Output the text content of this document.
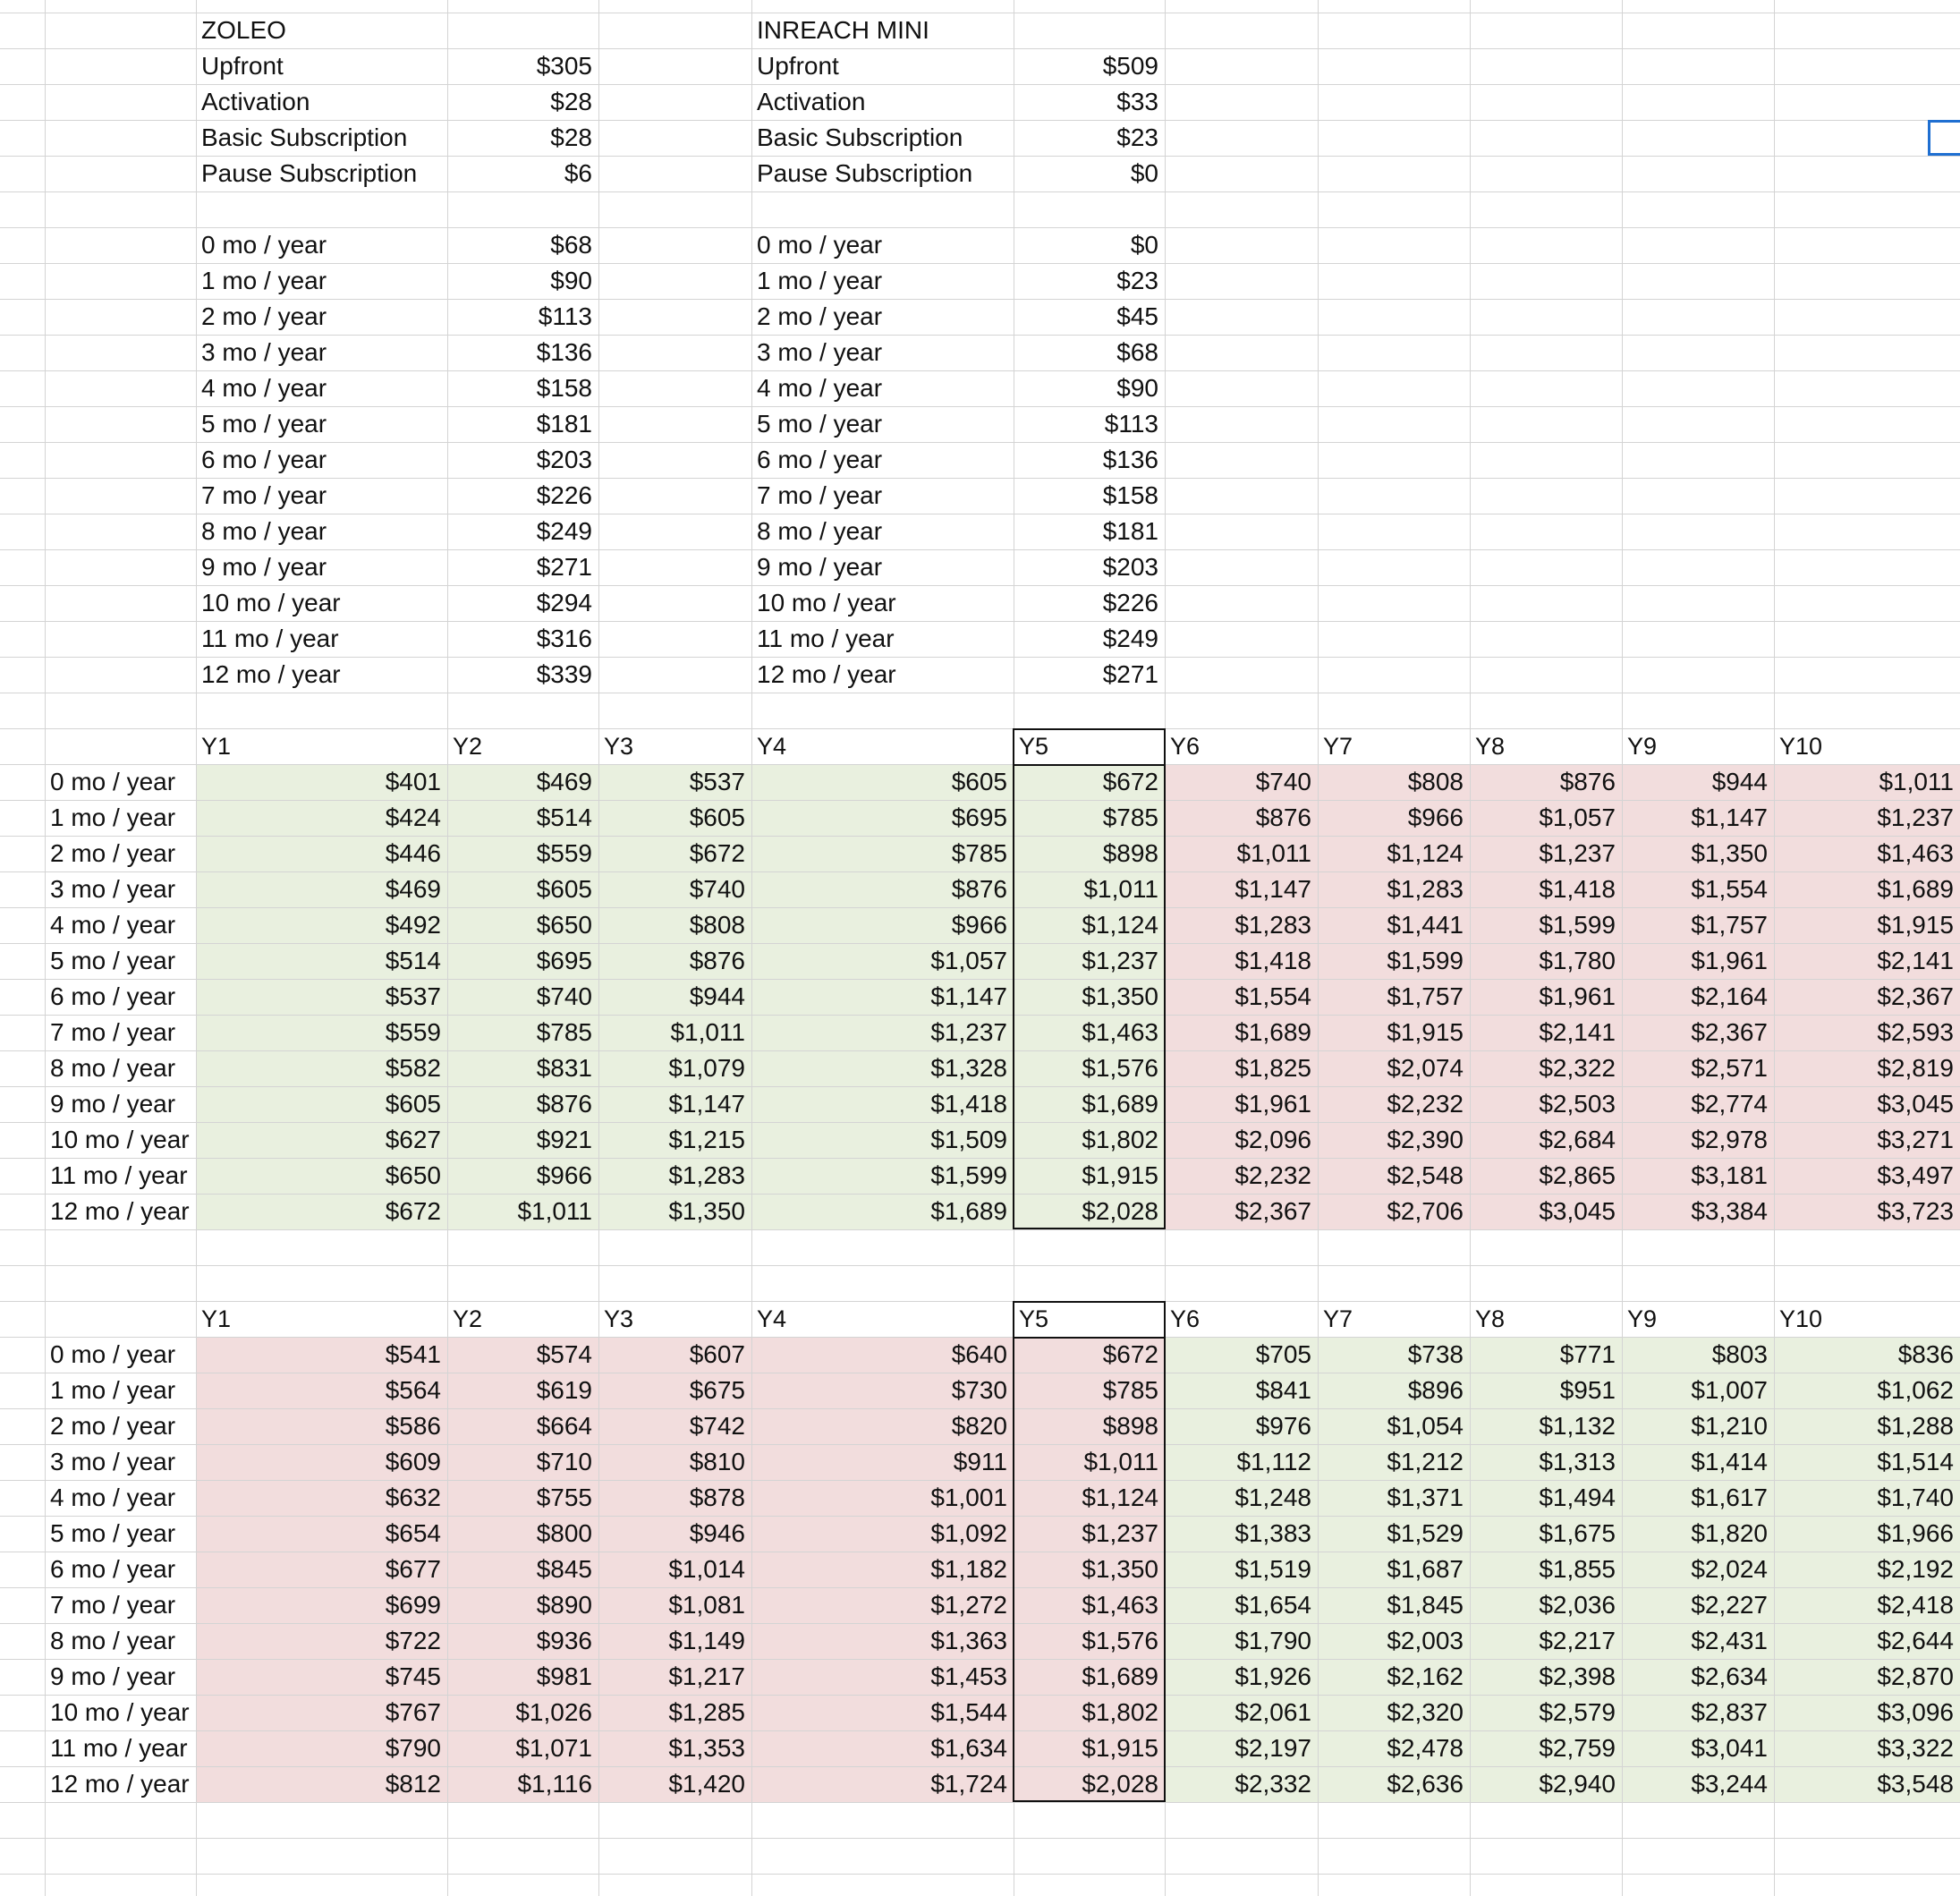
ZOLEO
Upfront	$305
Activation	$28
Basic Subscription	$28
Pause Subscription	$6
0 mo / year	$68
1 mo / year	$90
2 mo / year	$113
3 mo / year	$136
4 mo / year	$158
5 mo / year	$181
6 mo / year	$203
7 mo / year	$226
8 mo / year	$249
9 mo / year	$271
10 mo / year	$294
11 mo / year	$316
12 mo / year	$339
INREACH MINI
Upfront	$509
Activation	$33
Basic Subscription	$23
Pause Subscription	$0
0 mo / year	$0
1 mo / year	$23
2 mo / year	$45
3 mo / year	$68
4 mo / year	$90
5 mo / year	$113
6 mo / year	$136
7 mo / year	$158
8 mo / year	$181
9 mo / year	$203
10 mo / year	$226
11 mo / year	$249
12 mo / year	$271
Y1	Y2	Y3	Y4	Y5	Y6	Y7	Y8	Y9	Y10
0 mo / year	$401	$469	$537	$605	$672	$740	$808	$876	$944	$1,011
1 mo / year	$424	$514	$605	$695	$785	$876	$966	$1,057	$1,147	$1,237
2 mo / year	$446	$559	$672	$785	$898	$1,011	$1,124	$1,237	$1,350	$1,463
3 mo / year	$469	$605	$740	$876	$1,011	$1,147	$1,283	$1,418	$1,554	$1,689
4 mo / year	$492	$650	$808	$966	$1,124	$1,283	$1,441	$1,599	$1,757	$1,915
5 mo / year	$514	$695	$876	$1,057	$1,237	$1,418	$1,599	$1,780	$1,961	$2,141
6 mo / year	$537	$740	$944	$1,147	$1,350	$1,554	$1,757	$1,961	$2,164	$2,367
7 mo / year	$559	$785	$1,011	$1,237	$1,463	$1,689	$1,915	$2,141	$2,367	$2,593
8 mo / year	$582	$831	$1,079	$1,328	$1,576	$1,825	$2,074	$2,322	$2,571	$2,819
9 mo / year	$605	$876	$1,147	$1,418	$1,689	$1,961	$2,232	$2,503	$2,774	$3,045
10 mo / year	$627	$921	$1,215	$1,509	$1,802	$2,096	$2,390	$2,684	$2,978	$3,271
11 mo / year	$650	$966	$1,283	$1,599	$1,915	$2,232	$2,548	$2,865	$3,181	$3,497
12 mo / year	$672	$1,011	$1,350	$1,689	$2,028	$2,367	$2,706	$3,045	$3,384	$3,723
Y1	Y2	Y3	Y4	Y5	Y6	Y7	Y8	Y9	Y10
0 mo / year	$541	$574	$607	$640	$672	$705	$738	$771	$803	$836
1 mo / year	$564	$619	$675	$730	$785	$841	$896	$951	$1,007	$1,062
2 mo / year	$586	$664	$742	$820	$898	$976	$1,054	$1,132	$1,210	$1,288
3 mo / year	$609	$710	$810	$911	$1,011	$1,112	$1,212	$1,313	$1,414	$1,514
4 mo / year	$632	$755	$878	$1,001	$1,124	$1,248	$1,371	$1,494	$1,617	$1,740
5 mo / year	$654	$800	$946	$1,092	$1,237	$1,383	$1,529	$1,675	$1,820	$1,966
6 mo / year	$677	$845	$1,014	$1,182	$1,350	$1,519	$1,687	$1,855	$2,024	$2,192
7 mo / year	$699	$890	$1,081	$1,272	$1,463	$1,654	$1,845	$2,036	$2,227	$2,418
8 mo / year	$722	$936	$1,149	$1,363	$1,576	$1,790	$2,003	$2,217	$2,431	$2,644
9 mo / year	$745	$981	$1,217	$1,453	$1,689	$1,926	$2,162	$2,398	$2,634	$2,870
10 mo / year	$767	$1,026	$1,285	$1,544	$1,802	$2,061	$2,320	$2,579	$2,837	$3,096
11 mo / year	$790	$1,071	$1,353	$1,634	$1,915	$2,197	$2,478	$2,759	$3,041	$3,322
12 mo / year	$812	$1,116	$1,420	$1,724	$2,028	$2,332	$2,636	$2,940	$3,244	$3,548
